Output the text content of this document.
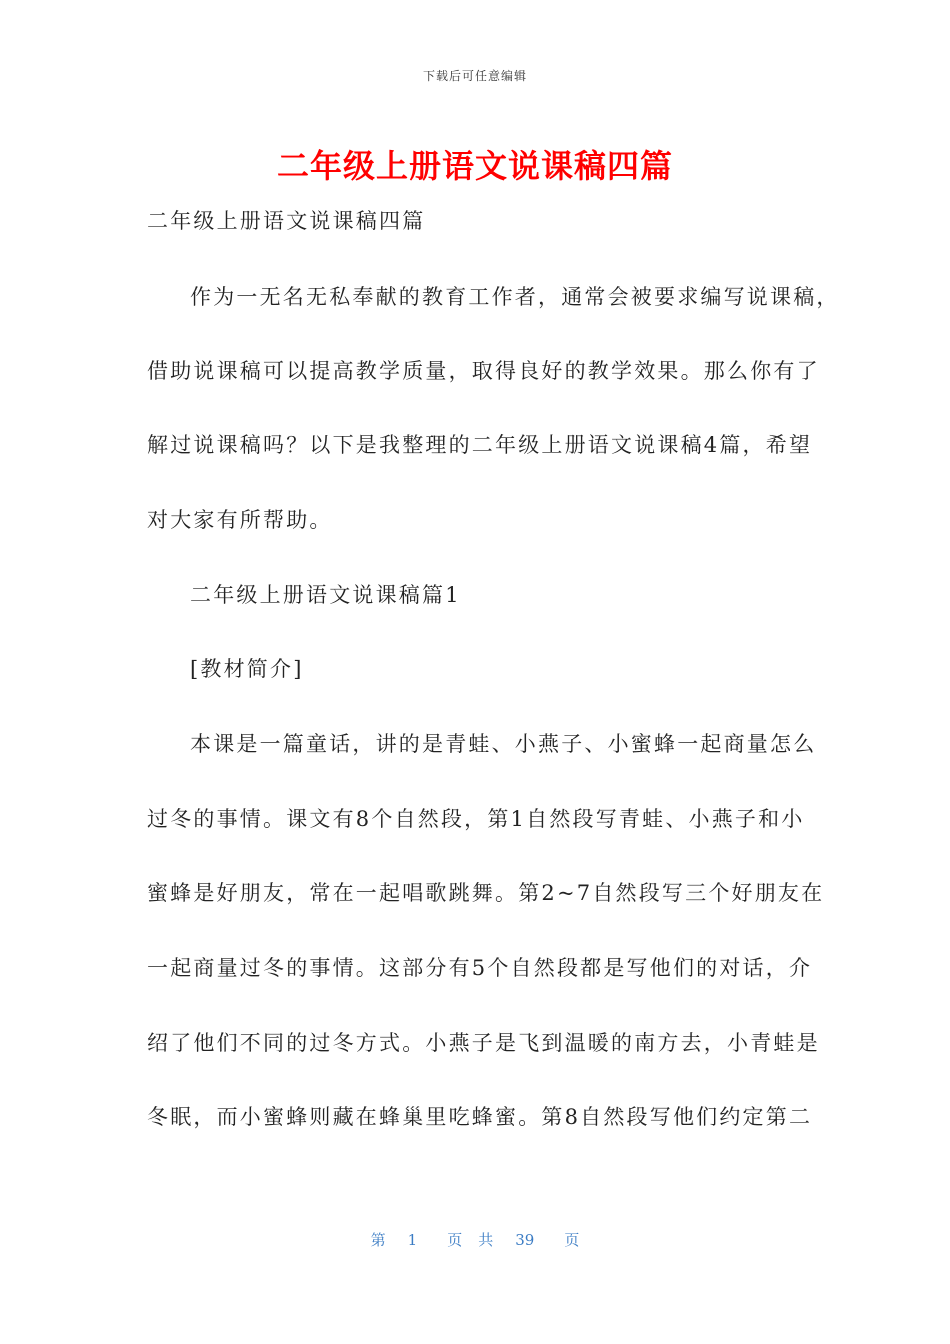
下载后可任意编辑
二年级上册语文说课稿四篇
二年级上册语文说课稿四篇
作为一无名无私奉献的教育工作者，通常会被要求编写说课稿，
借助说课稿可以提高教学质量，取得良好的教学效果。那么你有了
解过说课稿吗？以下是我整理的二年级上册语文说课稿4篇，希望
对大家有所帮助。
二年级上册语文说课稿篇1
[教材简介]
本课是一篇童话，讲的是青蛙、小燕子、小蜜蜂一起商量怎么
过冬的事情。课文有8个自然段，第1自然段写青蛙、小燕子和小
蜜蜂是好朋友，常在一起唱歌跳舞。第2~7自然段写三个好朋友在
一起商量过冬的事情。这部分有5个自然段都是写他们的对话，介
绍了他们不同的过冬方式。小燕子是飞到温暖的南方去，小青蛙是
冬眠，而小蜜蜂则藏在蜂巢里吃蜂蜜。第8自然段写他们约定第二
第 1 页 共 39 页
